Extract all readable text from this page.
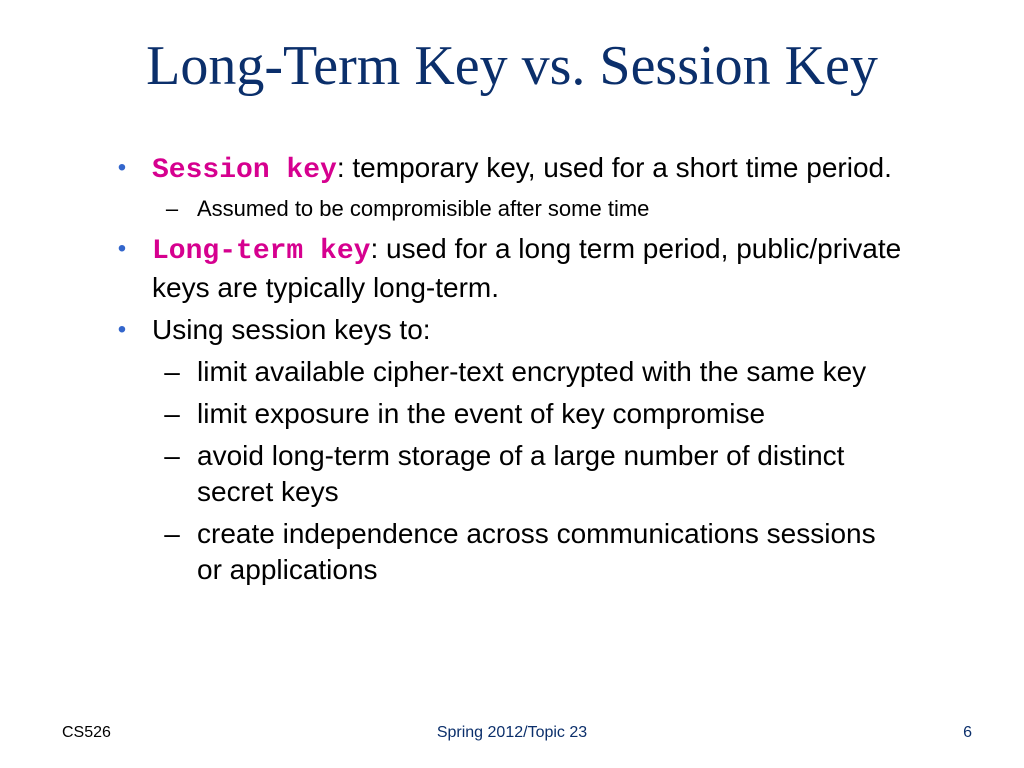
Long-Term Key vs. Session Key
• Session key: temporary key, used for a short time period.
– Assumed to be compromisible after some time
• Long-term key: used for a long term period, public/private keys are typically long-term.
• Using session keys to:
– limit available cipher-text encrypted with the same key
– limit exposure in the event of key compromise
– avoid long-term storage of a large number of distinct secret keys
– create independence across communications sessions or applications
CS526	Spring 2012/Topic 23	6
